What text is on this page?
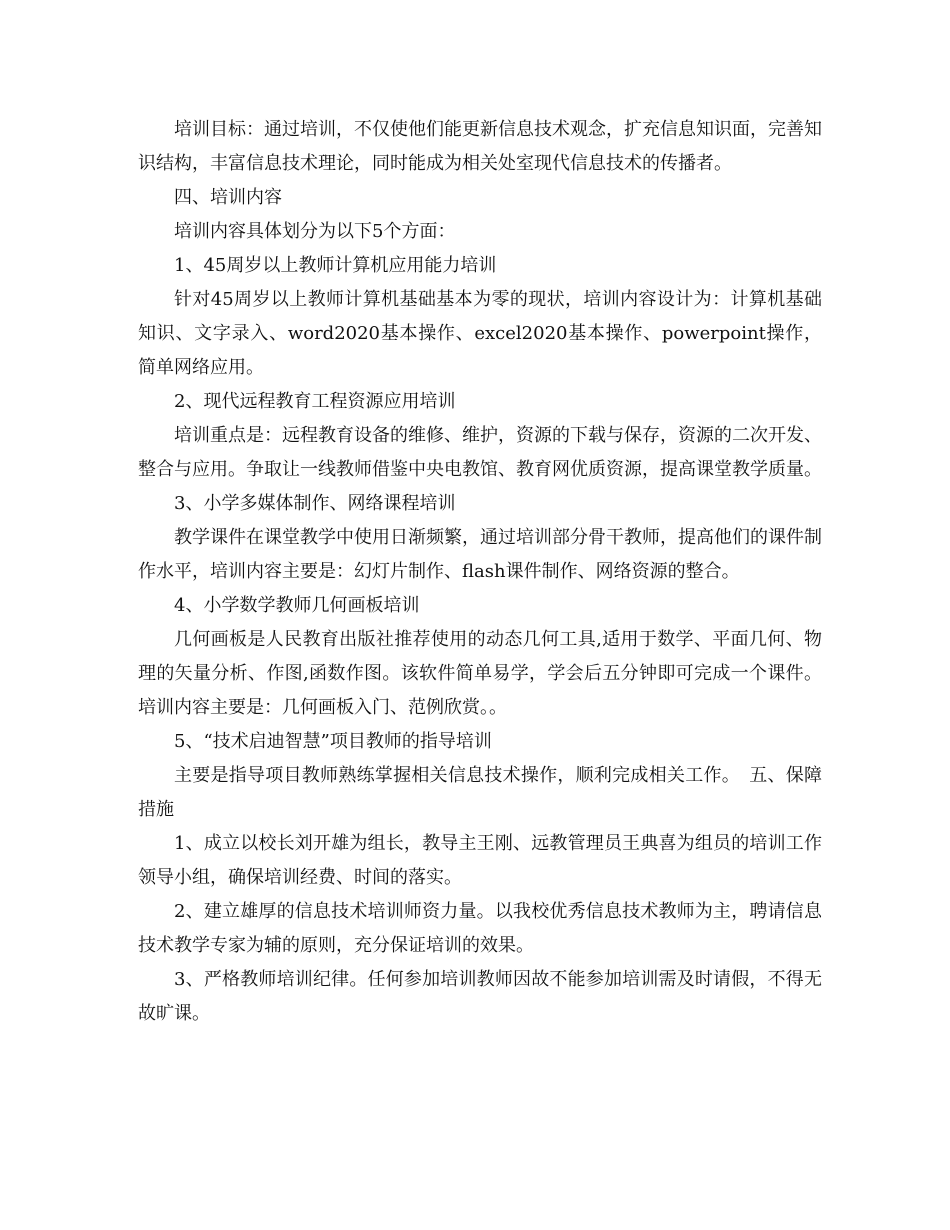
培训目标：通过培训，不仅使他们能更新信息技术观念，扩充信息知识面，完善知识结构，丰富信息技术理论，同时能成为相关处室现代信息技术的传播者。

四、培训内容

培训内容具体划分为以下5个方面：

1、45周岁以上教师计算机应用能力培训

针对45周岁以上教师计算机基础基本为零的现状，培训内容设计为：计算机基础知识、文字录入、word2020基本操作、excel2020基本操作、powerpoint操作，简单网络应用。

2、现代远程教育工程资源应用培训

培训重点是：远程教育设备的维修、维护，资源的下载与保存，资源的二次开发、整合与应用。争取让一线教师借鉴中央电教馆、教育网优质资源，提高课堂教学质量。

3、小学多媒体制作、网络课程培训

教学课件在课堂教学中使用日渐频繁，通过培训部分骨干教师，提高他们的课件制作水平，培训内容主要是：幻灯片制作、flash课件制作、网络资源的整合。

4、小学数学教师几何画板培训

几何画板是人民教育出版社推荐使用的动态几何工具,适用于数学、平面几何、物理的矢量分析、作图,函数作图。该软件简单易学，学会后五分钟即可完成一个课件。培训内容主要是：几何画板入门、范例欣赏。。

5、“技术启迪智慧”项目教师的指导培训

主要是指导项目教师熟练掌握相关信息技术操作，顺利完成相关工作。　五、保障措施

1、成立以校长刘开雄为组长，教导主王刚、远教管理员王典喜为组员的培训工作领导小组，确保培训经费、时间的落实。

2、建立雄厚的信息技术培训师资力量。以我校优秀信息技术教师为主，聘请信息技术教学专家为辅的原则，充分保证培训的效果。

3、严格教师培训纪律。任何参加培训教师因故不能参加培训需及时请假，不得无故旷课。
